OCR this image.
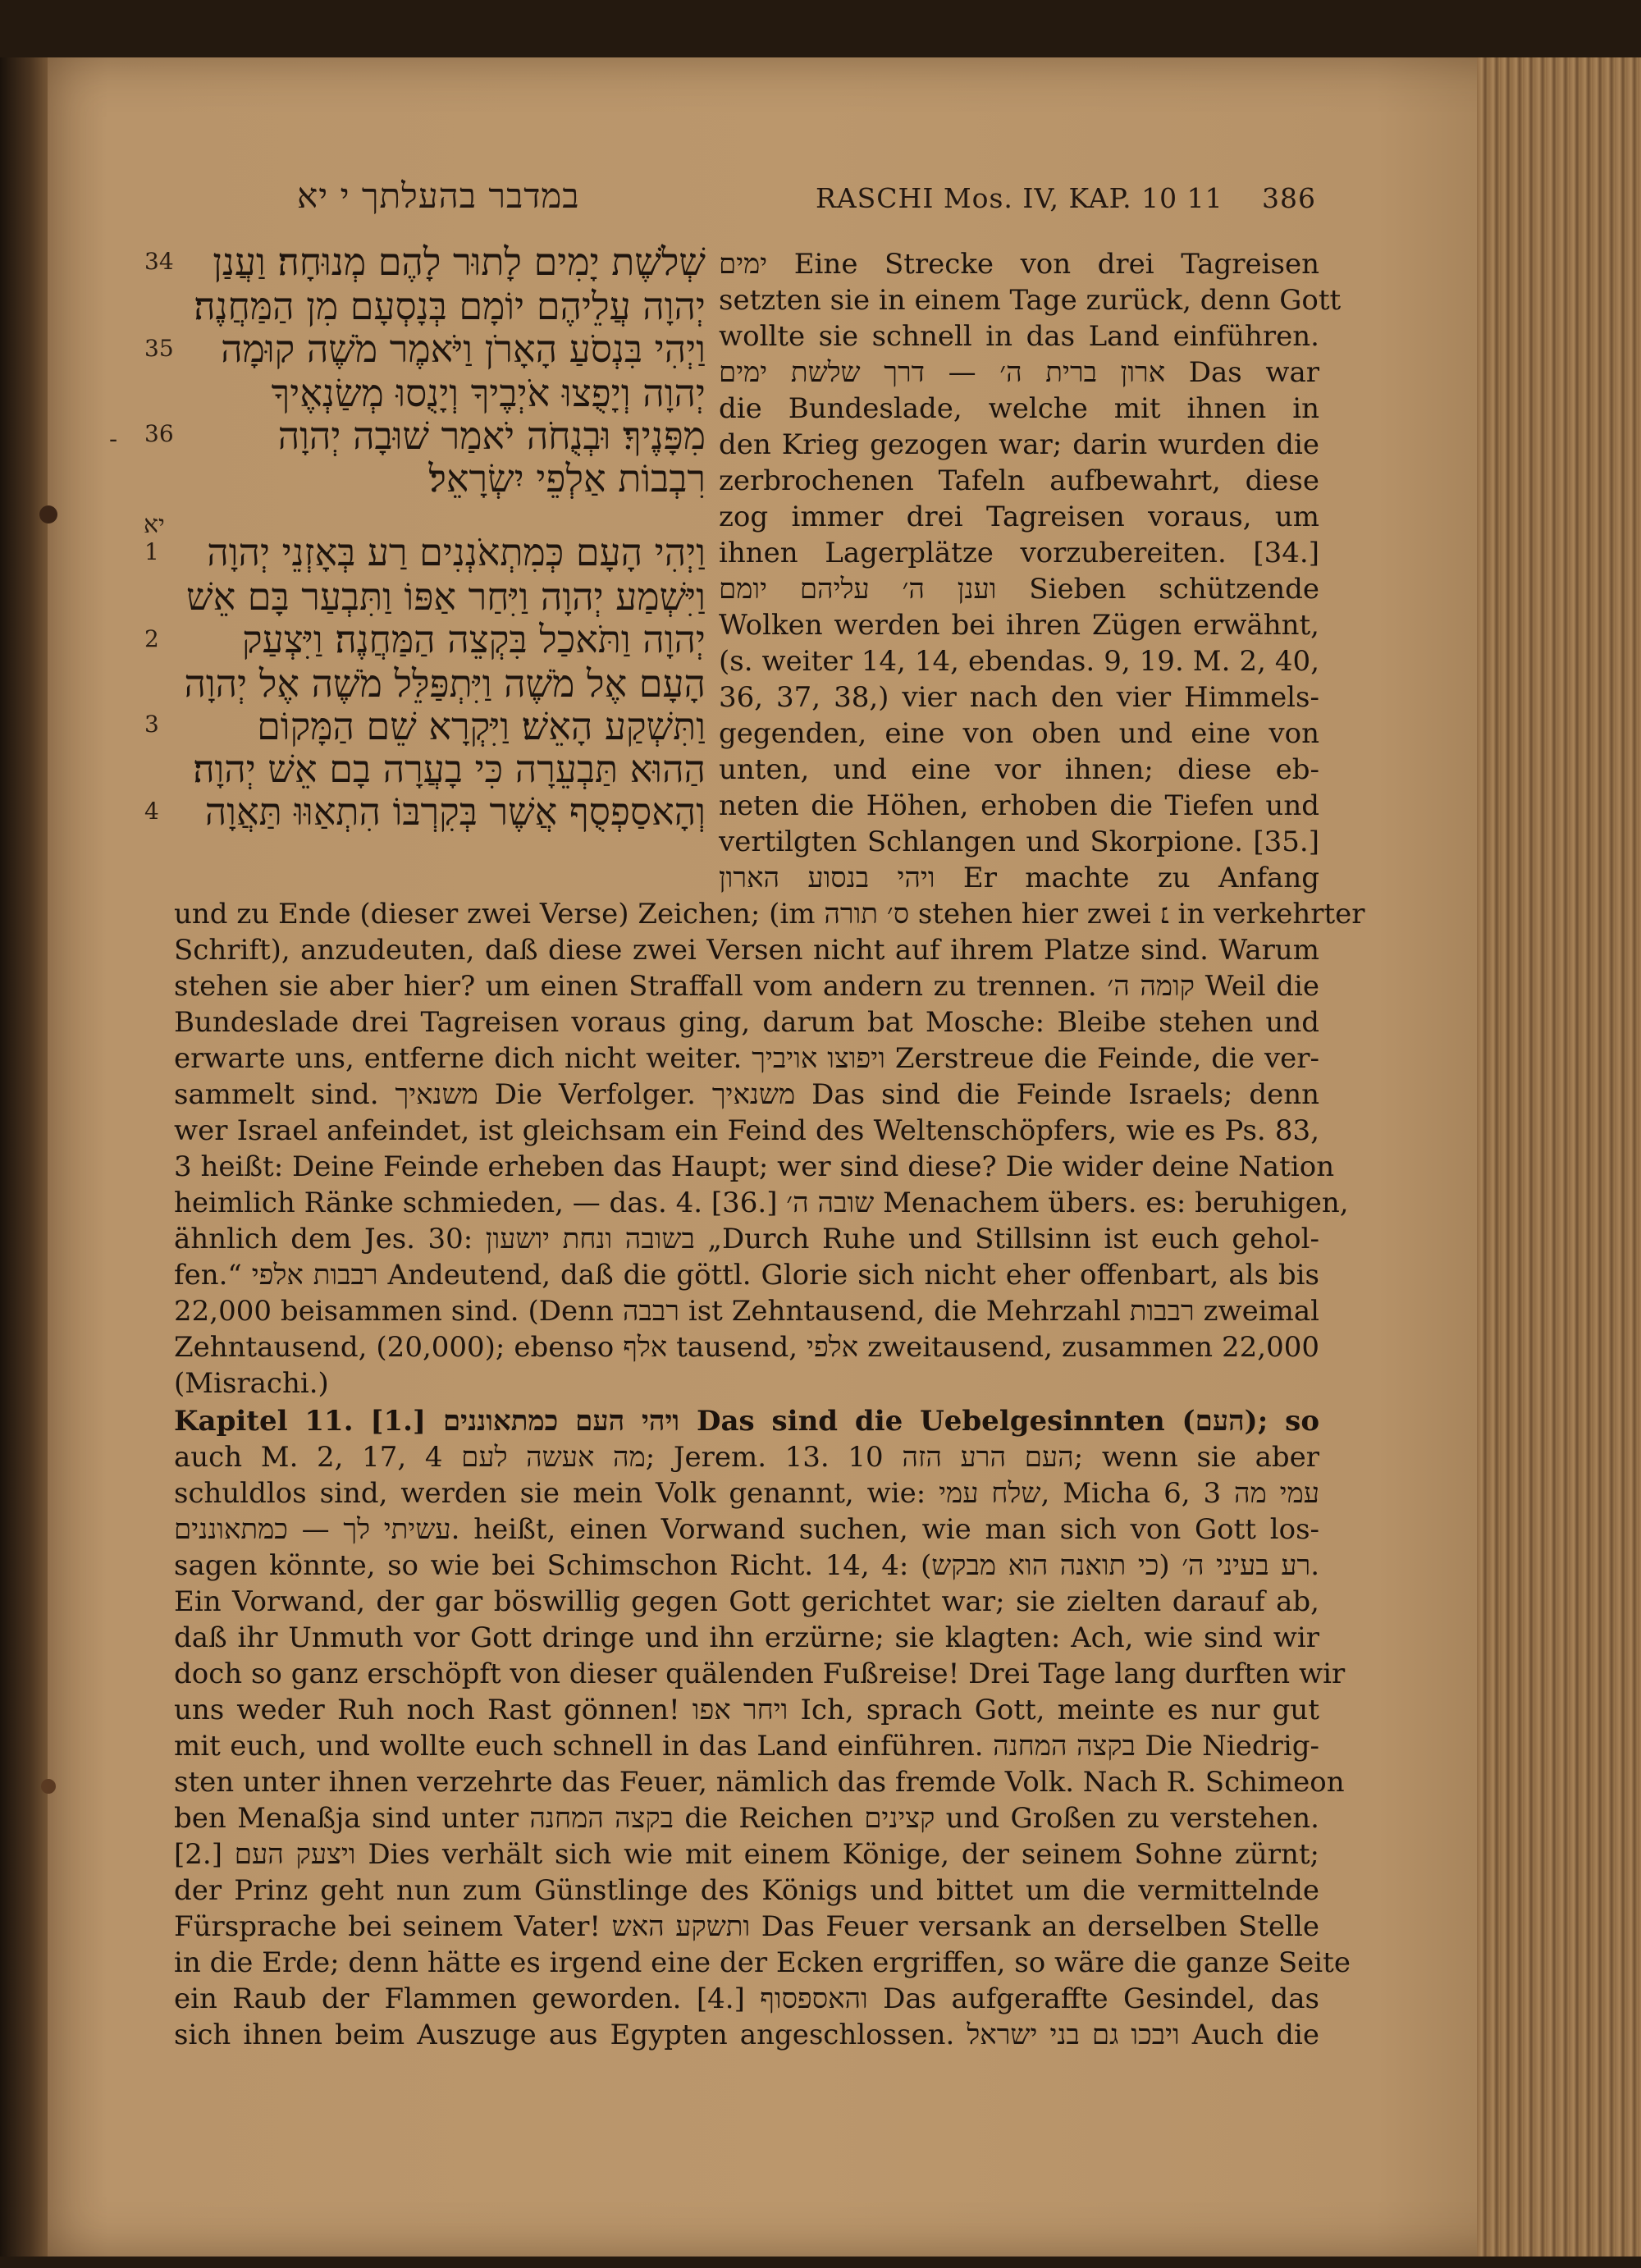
במדבר בהעלתך י יא	RASCHI Mos. IV, KAP. 10 11 386
34
35
36
-
יא
1
2
3
4
שְׁלֹשֶׁת יָמִים לָתוּר לָהֶם מְנוּחָה׃ וַעֲנַן
יְהוָה עֲלֵיהֶם יוֹמָם בְּנָסְעָם מִן הַמַּחֲנֶה׃
וַיְהִי בִּנְסֹעַ הָאָרֹן וַיֹּאמֶר מֹשֶׁה קוּמָה
יְהוָה וְיָפֻצוּ אֹיְבֶיךָ וְיָנֻסוּ מְשַׂנְאֶיךָ
מִפָּנֶיךָ׃ וּבְנֻחֹה יֹאמַר שׁוּבָה יְהוָה
רִבְבוֹת אַלְפֵי יִשְׂרָאֵל׃
וַיְהִי הָעָם כְּמִתְאֹנְנִים רַע בְּאָזְנֵי יְהוָה
וַיִּשְׁמַע יְהוָה וַיִּחַר אַפּוֹ וַתִּבְעַר בָּם אֵשׁ
יְהוָה וַתֹּאכַל בִּקְצֵה הַמַּחֲנֶה׃ וַיִּצְעַק
הָעָם אֶל מֹשֶׁה וַיִּתְפַּלֵּל מֹשֶׁה אֶל יְהוָה
וַתִּשְׁקַע הָאֵשׁ׃ וַיִּקְרָא שֵׁם הַמָּקוֹם
הַהוּא תַּבְעֵרָה כִּי בָעֲרָה בָם אֵשׁ יְהוָה׃
וְהָאסַפְסֻף אֲשֶׁר בְּקִרְבּוֹ הִתְאַוּוּ תַּאֲוָה
ימים Eine Strecke von drei Tagreisen
setzten sie in einem Tage zurück, denn Gott
wollte sie schnell in das Land einführen.
ארון ברית ה׳ — דרך שלשת ימים Das war
die Bundeslade, welche mit ihnen in
den Krieg gezogen war; darin wurden die
zerbrochenen Tafeln aufbewahrt, diese
zog immer drei Tagreisen voraus, um
ihnen Lagerplätze vorzubereiten. [34.]
וענן ה׳ עליהם יומם Sieben schützende
Wolken werden bei ihren Zügen erwähnt,
(s. weiter 14, 14, ebendas. 9, 19. M. 2, 40,
36, 37, 38,) vier nach den vier Himmels-
gegenden, eine von oben und eine von
unten, und eine vor ihnen; diese eb-
neten die Höhen, erhoben die Tiefen und
vertilgten Schlangen und Skorpione. [35.]
ויהי בנסוע הארון Er machte zu Anfang
und zu Ende (dieser zwei Verse) Zeichen; (im ס׳ תורה stehen hier zwei ׆ in verkehrter
Schrift), anzudeuten, daß diese zwei Versen nicht auf ihrem Platze sind. Warum
stehen sie aber hier? um einen Straffall vom andern zu trennen. קומה ה׳ Weil die
Bundeslade drei Tagreisen voraus ging, darum bat Mosche: Bleibe stehen und
erwarte uns, entferne dich nicht weiter. ויפוצו אויביך Zerstreue die Feinde, die ver-
sammelt sind. משנאיך Die Verfolger. משנאיך Das sind die Feinde Israels; denn
wer Israel anfeindet, ist gleichsam ein Feind des Weltenschöpfers, wie es Ps. 83,
3 heißt: Deine Feinde erheben das Haupt; wer sind diese? Die wider deine Nation
heimlich Ränke schmieden, — das. 4. [36.] שובה ה׳ Menachem übers. es: beruhigen,
ähnlich dem Jes. 30: בשובה ונחת יושעון „Durch Ruhe und Stillsinn ist euch gehol-
fen.“ רבבות אלפי Andeutend, daß die göttl. Glorie sich nicht eher offenbart, als bis
22,000 beisammen sind. (Denn רבבה ist Zehntausend, die Mehrzahl רבבות zweimal
Zehntausend, (20,000); ebenso אלף tausend, אלפי zweitausend, zusammen 22,000
(Misrachi.)
Kapitel 11. [1.] ויהי העם כמתאוננים Das sind die Uebelgesinnten (העם); so
auch M. 2, 17, 4 מה אעשה לעם; Jerem. 13. 10 העם הרע הזה; wenn sie aber
schuldlos sind, werden sie mein Volk genannt, wie: שלח עמי, Micha 6, 3 עמי מה
עשיתי לך — כמתאוננים. heißt, einen Vorwand suchen, wie man sich von Gott los-
sagen könnte, so wie bei Schimschon Richt. 14, 4: (כי תואנה הוא מבקש) רע בעיני ה׳.
Ein Vorwand, der gar böswillig gegen Gott gerichtet war; sie zielten darauf ab,
daß ihr Unmuth vor Gott dringe und ihn erzürne; sie klagten: Ach, wie sind wir
doch so ganz erschöpft von dieser quälenden Fußreise! Drei Tage lang durften wir
uns weder Ruh noch Rast gönnen! ויחר אפו Ich, sprach Gott, meinte es nur gut
mit euch, und wollte euch schnell in das Land einführen. בקצה המחנה Die Niedrig-
sten unter ihnen verzehrte das Feuer, nämlich das fremde Volk. Nach R. Schimeon
ben Menaßja sind unter בקצה המחנה die Reichen קצינים und Großen zu verstehen.
[2.] ויצעק העם Dies verhält sich wie mit einem Könige, der seinem Sohne zürnt;
der Prinz geht nun zum Günstlinge des Königs und bittet um die vermittelnde
Fürsprache bei seinem Vater! ותשקע האש Das Feuer versank an derselben Stelle
in die Erde; denn hätte es irgend eine der Ecken ergriffen, so wäre die ganze Seite
ein Raub der Flammen geworden. [4.] והאספסוף Das aufgeraffte Gesindel, das
sich ihnen beim Auszuge aus Egypten angeschlossen. ויבכו גם בני ישראל Auch die
